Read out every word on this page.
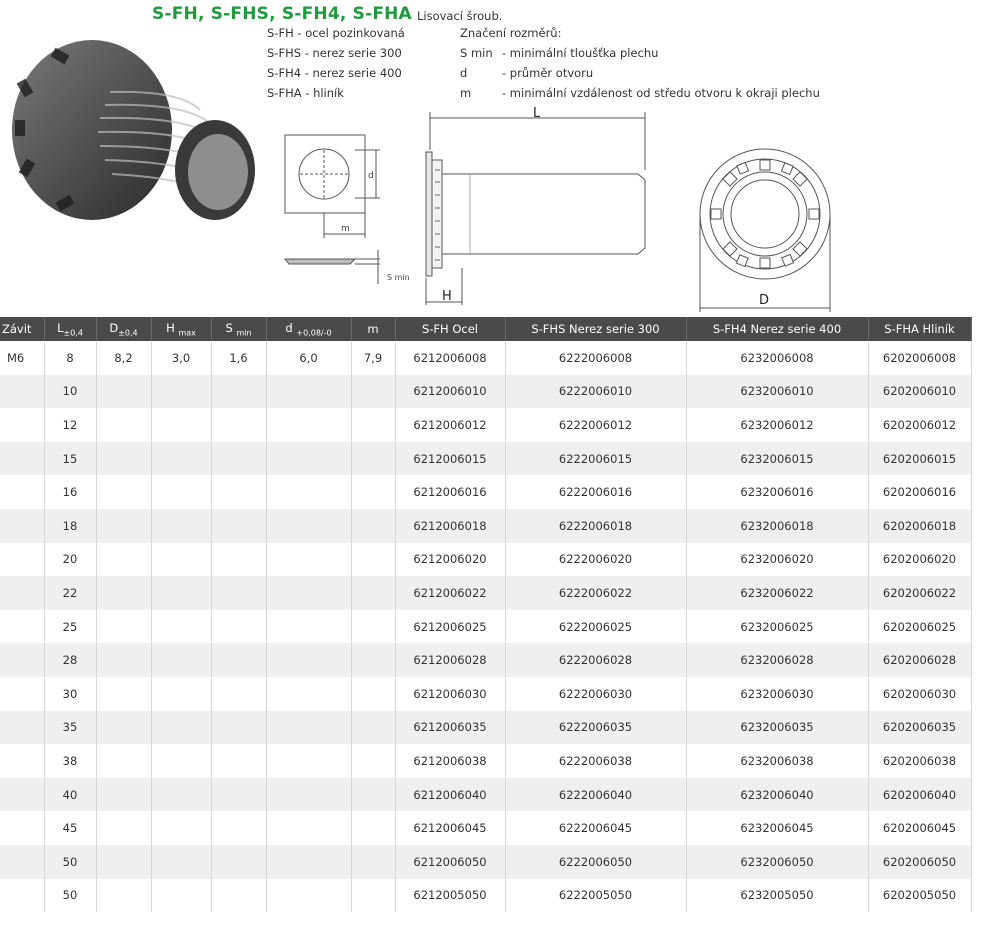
S-FH, S-FHS, S-FH4, S-FHA Lisovací šroub.
S-FH - ocel pozinkovaná
S-FHS - nerez serie 300
S-FH4 - nerez serie 400
S-FHA - hliník
Značení rozměrů:
S min - minimální tloušťka plechu
d	- průměr otvoru
m	- minimální vzdálenost od středu otvoru k okraji plechu
d
m
S min
L
H	D
Závit	$L_{\pm 0,4}$	$D_{\pm 0,4}$	H $_{max}$	S $_{min}$	d $_{+0,08/-0}$	m	S-FH Ocel	S-FHS Nerez serie 300	S-FH4 Nerez serie 400	S-FHA Hliník
M6	8	8,2	3,0	1,6	6,0	7,9	6212006008	6222006008	6232006008	6202006008
	10						6212006010	6222006010	6232006010	6202006010
	12						6212006012	6222006012	6232006012	6202006012
	15						6212006015	6222006015	6232006015	6202006015
	16						6212006016	6222006016	6232006016	6202006016
	18						6212006018	6222006018	6232006018	6202006018
	20						6212006020	6222006020	6232006020	6202006020
	22						6212006022	6222006022	6232006022	6202006022
	25						6212006025	6222006025	6232006025	6202006025
	28						6212006028	6222006028	6232006028	6202006028
	30						6212006030	6222006030	6232006030	6202006030
	35						6212006035	6222006035	6232006035	6202006035
	38						6212006038	6222006038	6232006038	6202006038
	40						6212006040	6222006040	6232006040	6202006040
	45						6212006045	6222006045	6232006045	6202006045
	50						6212006050	6222006050	6232006050	6202006050
	50						6212005050	6222005050	6232005050	6202005050
